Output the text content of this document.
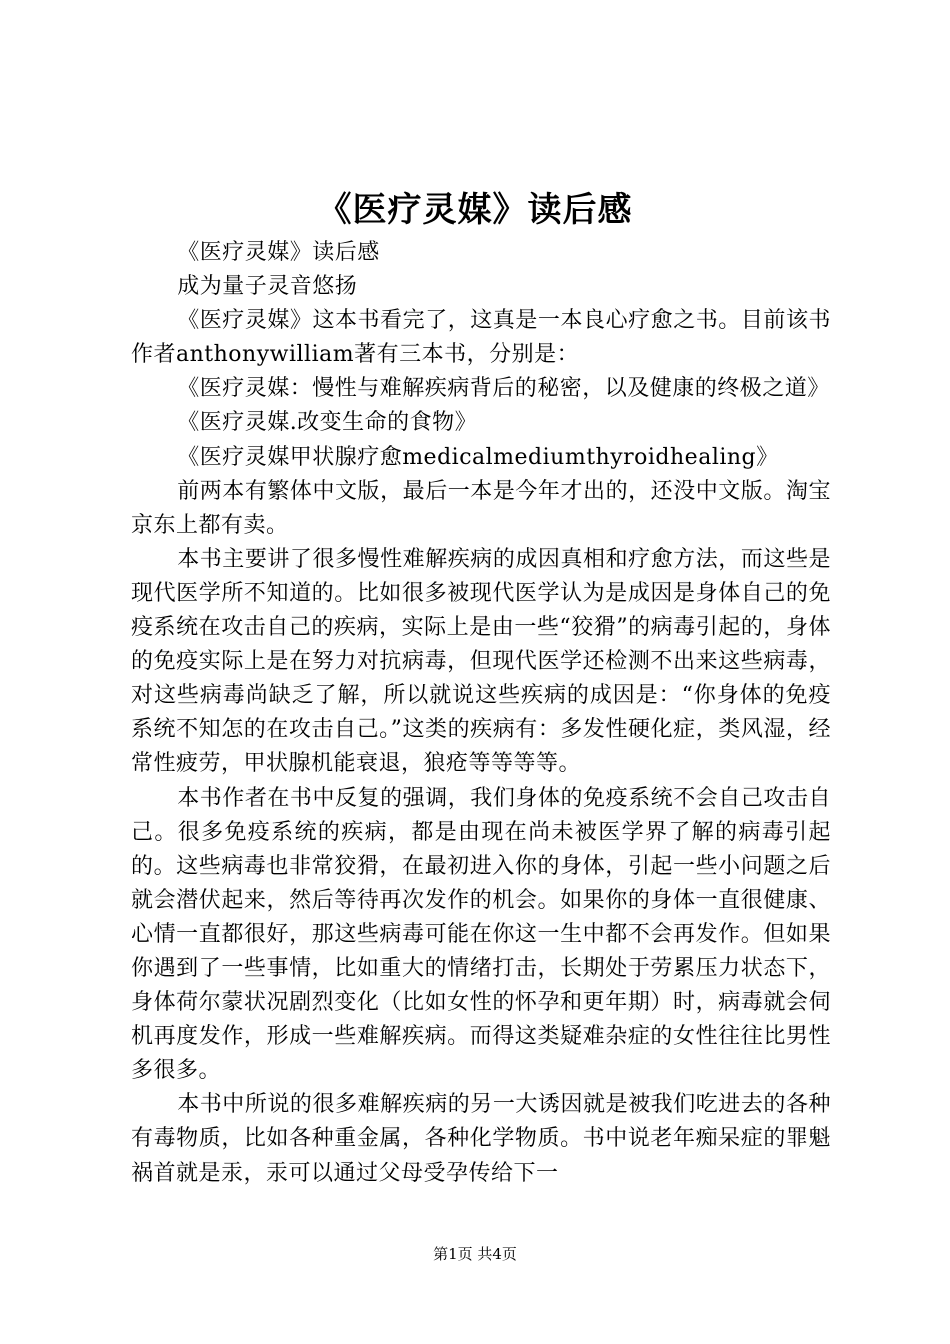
《医疗灵媒》读后感

《医疗灵媒》读后感

成为量子灵音悠扬

《医疗灵媒》这本书看完了，这真是一本良心疗愈之书。目前该书作者anthonywilliam著有三本书，分别是：

《医疗灵媒：慢性与难解疾病背后的秘密，以及健康的终极之道》

《医疗灵媒.改变生命的食物》

《医疗灵媒甲状腺疗愈medicalmediumthyroidhealing》

前两本有繁体中文版，最后一本是今年才出的，还没中文版。淘宝京东上都有卖。

本书主要讲了很多慢性难解疾病的成因真相和疗愈方法，而这些是现代医学所不知道的。比如很多被现代医学认为是成因是身体自己的免疫系统在攻击自己的疾病，实际上是由一些“狡猾”的病毒引起的，身体的免疫实际上是在努力对抗病毒，但现代医学还检测不出来这些病毒，对这些病毒尚缺乏了解，所以就说这些疾病的成因是：“你身体的免疫系统不知怎的在攻击自己。”这类的疾病有：多发性硬化症，类风湿，经常性疲劳，甲状腺机能衰退，狼疮等等等等。

本书作者在书中反复的强调，我们身体的免疫系统不会自己攻击自己。很多免疫系统的疾病，都是由现在尚未被医学界了解的病毒引起的。这些病毒也非常狡猾，在最初进入你的身体，引起一些小问题之后就会潜伏起来，然后等待再次发作的机会。如果你的身体一直很健康、心情一直都很好，那这些病毒可能在你这一生中都不会再发作。但如果你遇到了一些事情，比如重大的情绪打击，长期处于劳累压力状态下，身体荷尔蒙状况剧烈变化（比如女性的怀孕和更年期）时，病毒就会伺机再度发作，形成一些难解疾病。而得这类疑难杂症的女性往往比男性多很多。

本书中所说的很多难解疾病的另一大诱因就是被我们吃进去的各种有毒物质，比如各种重金属，各种化学物质。书中说老年痴呆症的罪魁祸首就是汞，汞可以通过父母受孕传给下一

第1页 共4页
